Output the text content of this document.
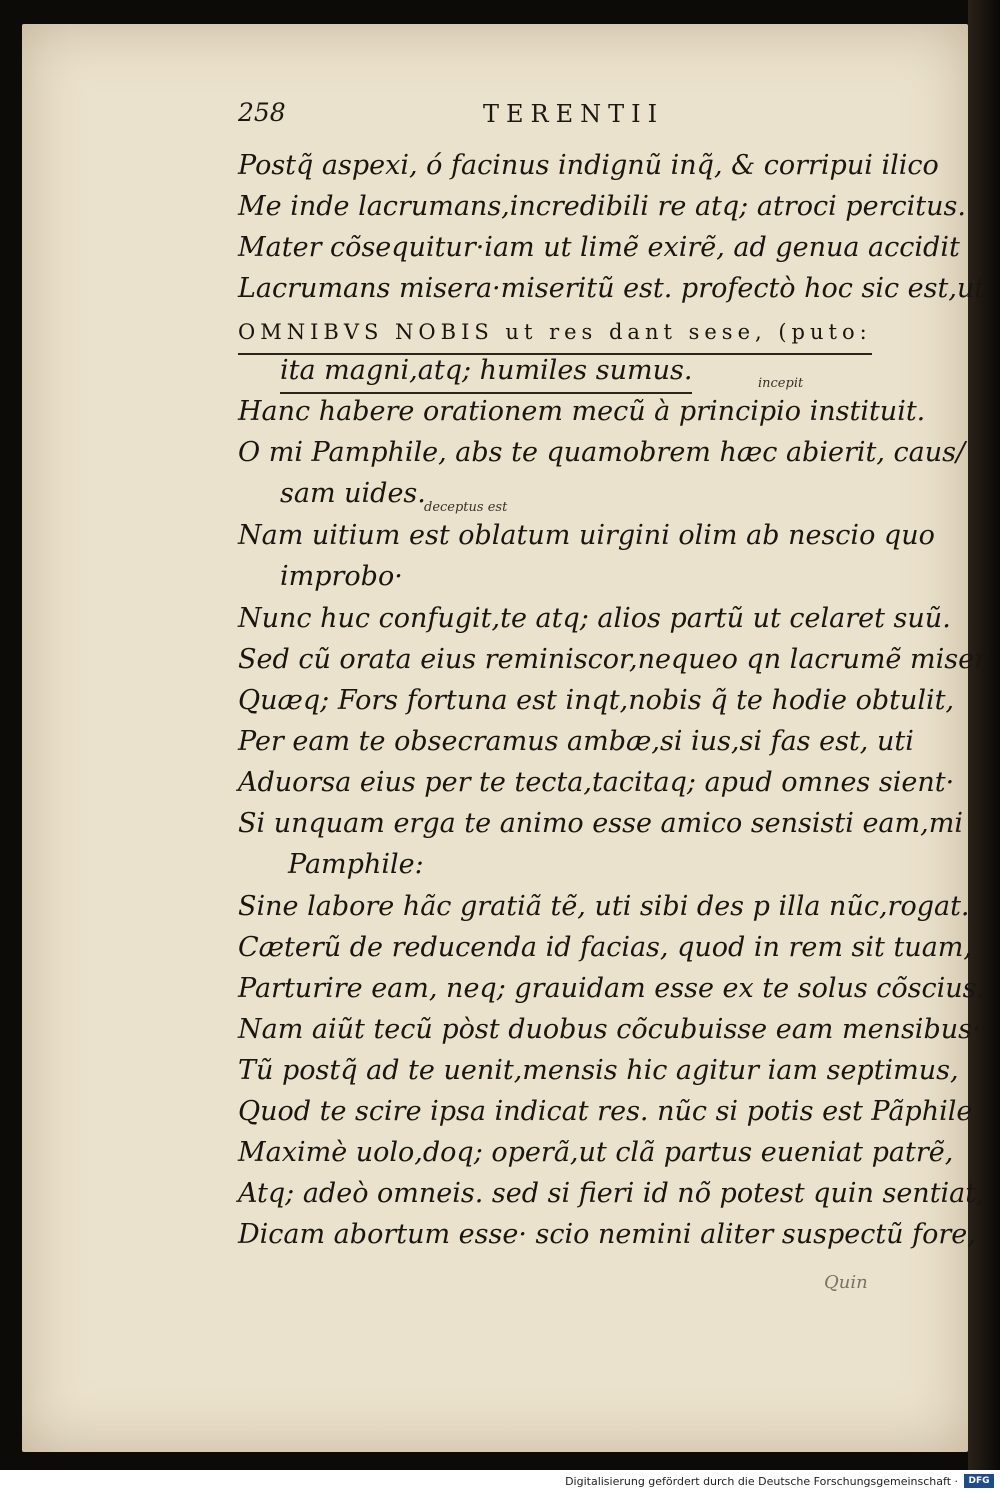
258	TERENTII
Postq̃ aspexi, ó facinus indignũ inq̃, & corripui ilico
Me inde lacrumans,incredibili re atq; atroci percitus.
Mater cõsequitur·iam ut limẽ exirẽ, ad genua accidit
Lacrumans misera·miseritũ est. profectò hoc sic est,ut
OMNIBVS NOBIS ut res dant sese, (puto:
ita magni,atq; humiles sumus.
Hanc habere orationem mecũ à principio instituit.
O mi Pamphile, abs te quamobrem hæc abierit, caus/
sam uides.
Nam uitium est oblatum uirgini olim ab nescio quo
improbo·
Nunc huc confugit,te atq; alios partũ ut celaret suũ.
Sed cũ orata eius reminiscor,nequeo qn lacrumẽ miser
Quæq; Fors fortuna est inqt,nobis q̃ te hodie obtulit,
Per eam te obsecramus ambæ,si ius,si fas est, uti
Aduorsa eius per te tecta,tacitaq; apud omnes sient·
Si unquam erga te animo esse amico sensisti eam,mi
Pamphile:
Sine labore hãc gratiã tẽ, uti sibi des p illa nũc,rogat.
Cæterũ de reducenda id facias, quod in rem sit tuam,
Parturire eam, neq; grauidam esse ex te solus cõscius.
Nam aiũt tecũ pòst duobus cõcubuisse eam mensibus·
Tũ postq̃ ad te uenit,mensis hic agitur iam septimus,
Quod te scire ipsa indicat res. nũc si potis est Pãphile
Maximè uolo,doq; operã,ut clã partus eueniat patrẽ,
Atq; adeò omneis. sed si fieri id nõ potest quin sentiat,
Dicam abortum esse· scio nemini aliter suspectũ fore,
incepit
deceptus est
Quin
Digitalisierung gefördert durch die Deutsche Forschungsgemeinschaft ·	DFG
